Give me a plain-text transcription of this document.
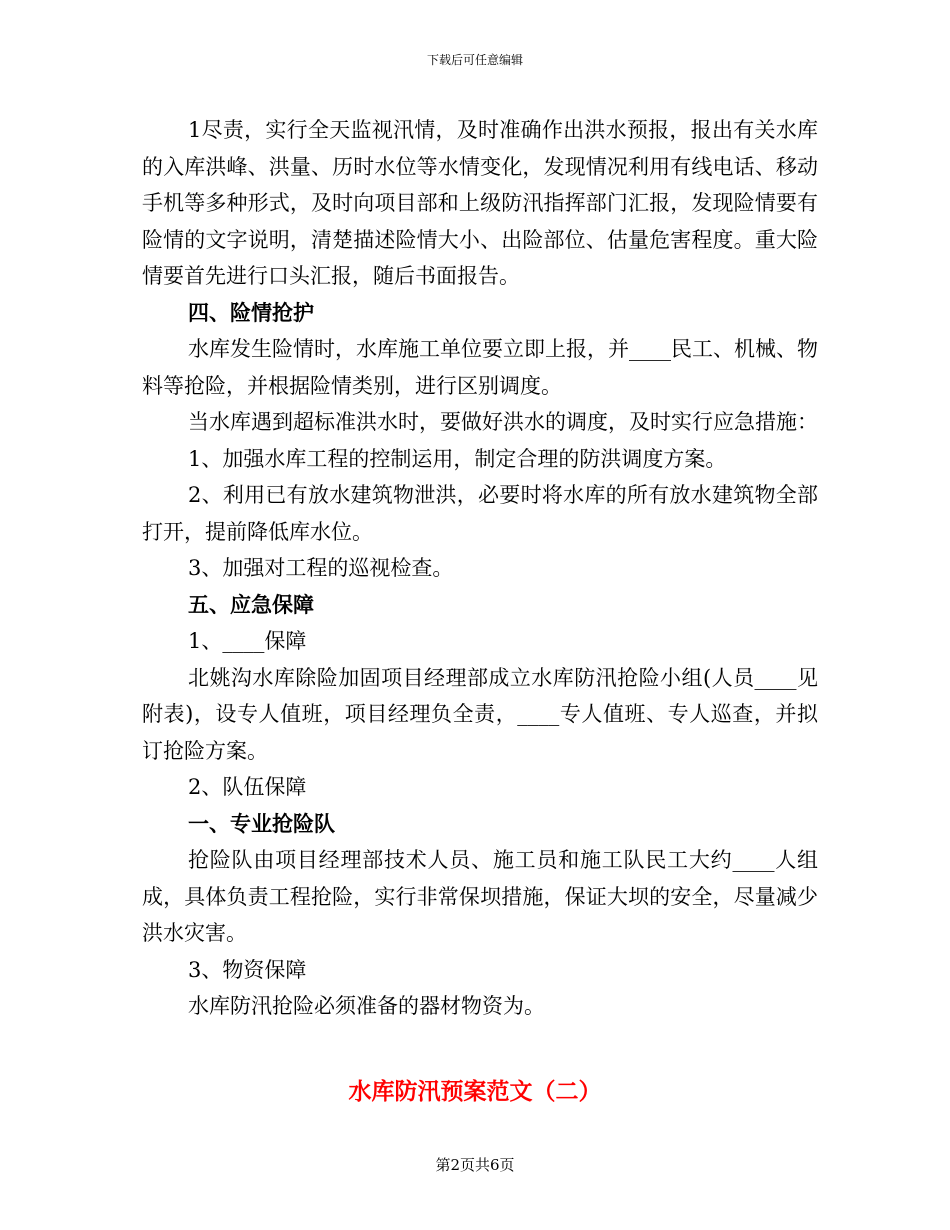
下载后可任意编辑

1尽责，实行全天监视汛情，及时准确作出洪水预报，报出有关水库的入库洪峰、洪量、历时水位等水情变化，发现情况利用有线电话、移动手机等多种形式，及时向项目部和上级防汛指挥部门汇报，发现险情要有险情的文字说明，清楚描述险情大小、出险部位、估量危害程度。重大险情要首先进行口头汇报，随后书面报告。

四、险情抢护

水库发生险情时，水库施工单位要立即上报，并____民工、机械、物料等抢险，并根据险情类别，进行区别调度。

当水库遇到超标准洪水时，要做好洪水的调度，及时实行应急措施：

1、加强水库工程的控制运用，制定合理的防洪调度方案。

2、利用已有放水建筑物泄洪，必要时将水库的所有放水建筑物全部打开，提前降低库水位。

3、加强对工程的巡视检查。

五、应急保障

1、____保障

北姚沟水库除险加固项目经理部成立水库防汛抢险小组(人员____见附表)，设专人值班，项目经理负全责，____专人值班、专人巡查，并拟订抢险方案。

2、队伍保障

一、专业抢险队

抢险队由项目经理部技术人员、施工员和施工队民工大约____人组成，具体负责工程抢险，实行非常保坝措施，保证大坝的安全，尽量减少洪水灾害。

3、物资保障

水库防汛抢险必须准备的器材物资为。

水库防汛预案范文（二）
第2页共6页
